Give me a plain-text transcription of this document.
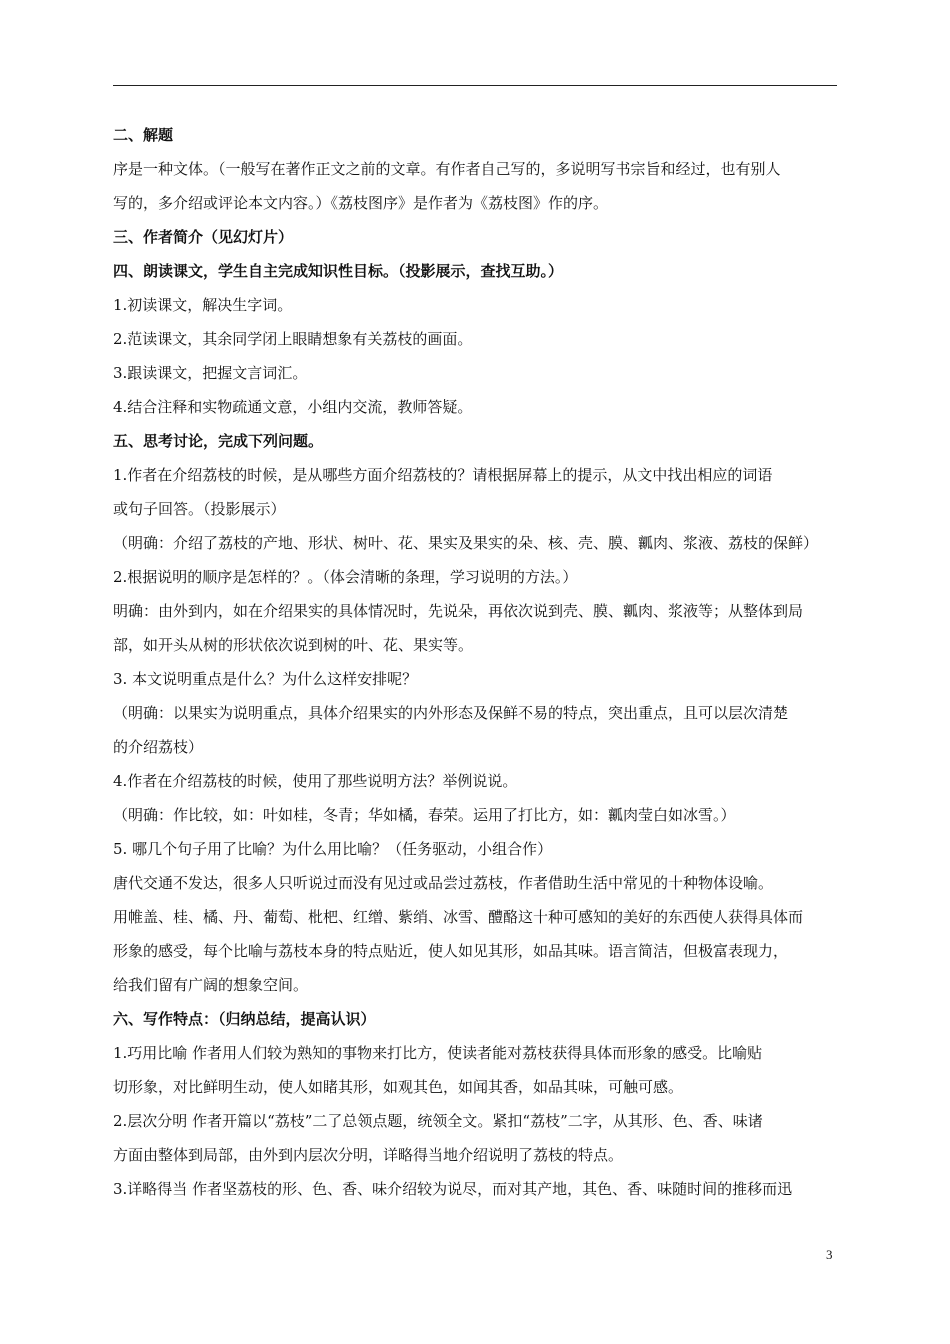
二、解题
序是一种文体。（一般写在著作正文之前的文章。有作者自己写的，多说明写书宗旨和经过，也有别人
写的，多介绍或评论本文内容。）《荔枝图序》是作者为《荔枝图》作的序。
三、作者简介（见幻灯片）
四、朗读课文，学生自主完成知识性目标。（投影展示，查找互助。）
1.初读课文，解决生字词。
2.范读课文，其余同学闭上眼睛想象有关荔枝的画面。
3.跟读课文，把握文言词汇。
4.结合注释和实物疏通文意，小组内交流，教师答疑。
五、思考讨论，完成下列问题。
1.作者在介绍荔枝的时候，是从哪些方面介绍荔枝的？请根据屏幕上的提示，从文中找出相应的词语
或句子回答。（投影展示）
（明确：介绍了荔枝的产地、形状、树叶、花、果实及果实的朵、核、壳、膜、瓤肉、浆液、荔枝的保鲜）
2.根据说明的顺序是怎样的？。（体会清晰的条理，学习说明的方法。）
明确：由外到内，如在介绍果实的具体情况时，先说朵，再依次说到壳、膜、瓤肉、浆液等；从整体到局
部，如开头从树的形状依次说到树的叶、花、果实等。
3. 本文说明重点是什么？为什么这样安排呢？
（明确：以果实为说明重点，具体介绍果实的内外形态及保鲜不易的特点，突出重点，且可以层次清楚
的介绍荔枝）
4.作者在介绍荔枝的时候，使用了那些说明方法？举例说说。
（明确：作比较，如：叶如桂，冬青；华如橘，春荣。运用了打比方，如：瓤肉莹白如冰雪。）
5. 哪几个句子用了比喻？为什么用比喻？（任务驱动，小组合作）
唐代交通不发达，很多人只听说过而没有见过或品尝过荔枝，作者借助生活中常见的十种物体设喻。
用帷盖、桂、橘、丹、葡萄、枇杷、红缯、紫绡、冰雪、醴酪这十种可感知的美好的东西使人获得具体而
形象的感受，每个比喻与荔枝本身的特点贴近，使人如见其形，如品其味。语言简洁，但极富表现力，
给我们留有广阔的想象空间。
六、写作特点：（归纳总结，提高认识）
1.巧用比喻 作者用人们较为熟知的事物来打比方，使读者能对荔枝获得具体而形象的感受。比喻贴
切形象，对比鲜明生动，使人如睹其形，如观其色，如闻其香，如品其味，可触可感。
2.层次分明 作者开篇以“荔枝”二了总领点题，统领全文。紧扣“荔枝”二字，从其形、色、香、味诸
方面由整体到局部，由外到内层次分明，详略得当地介绍说明了荔枝的特点。
3.详略得当 作者坚荔枝的形、色、香、味介绍较为说尽，而对其产地，其色、香、味随时间的推移而迅
3
